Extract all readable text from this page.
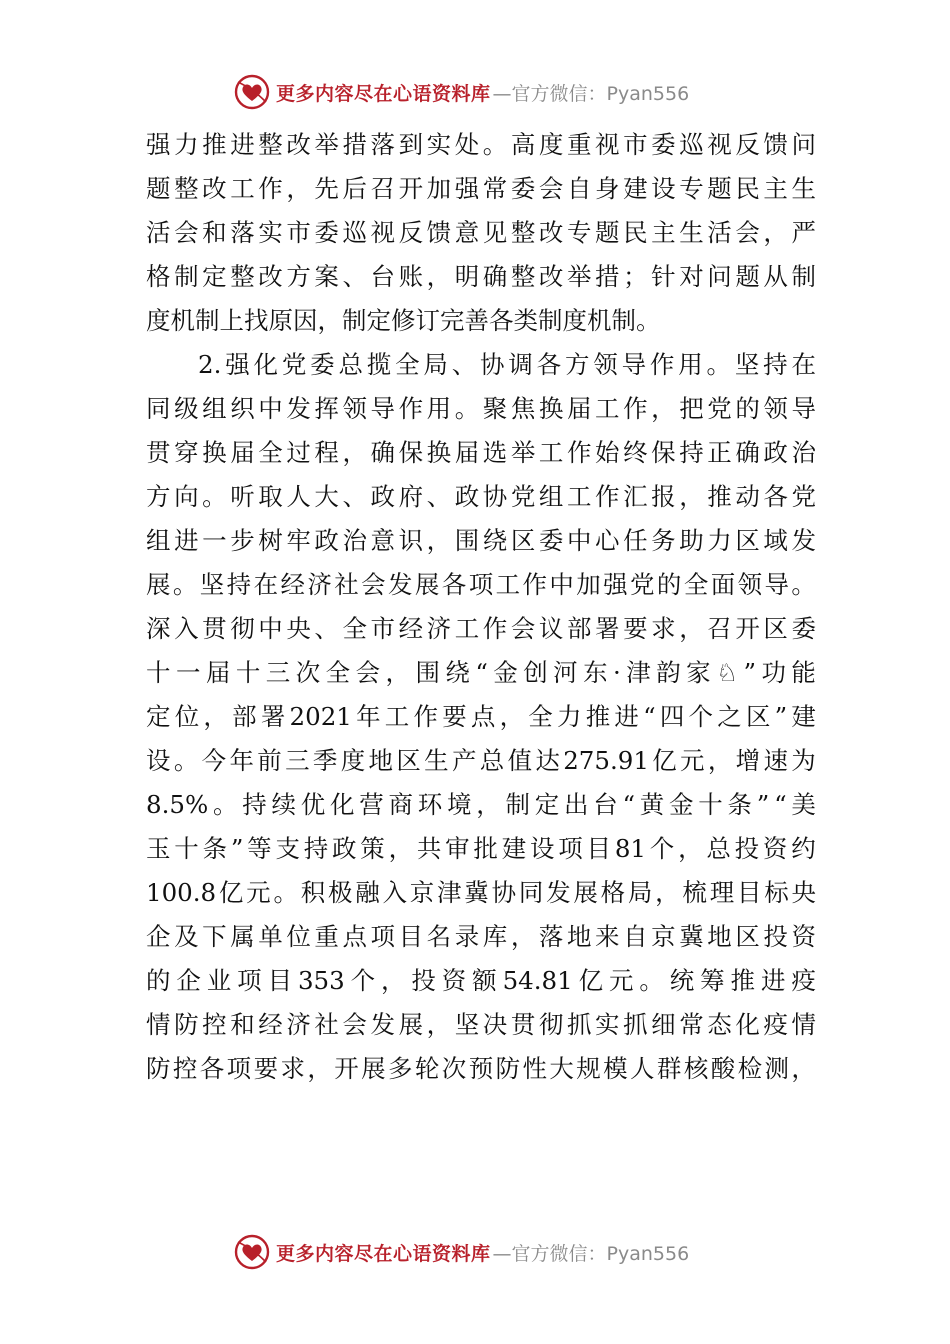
更多内容尽在心语资料库 —官方微信：Pyan556
强 力 推 进 整 改 举 措 落 到 实 处 。 高 度 重 视 市 委 巡 视 反 馈 问
题 整 改 工 作 ， 先 后 召 开 加 强 常 委 会 自 身 建 设 专 题 民 主 生
活 会 和 落 实 市 委 巡 视 反 馈 意 见 整 改 专 题 民 主 生 活 会 ， 严
格 制 定 整 改 方 案 、 台 账 ， 明 确 整 改 举 措 ； 针 对 问 题 从 制
度机制上找原因，制定修订完善各类制度机制。
2. 强 化 党 委 总 揽 全 局 、 协 调 各 方 领 导 作 用 。 坚 持 在
同 级 组 织 中 发 挥 领 导 作 用 。 聚 焦 换 届 工 作 ， 把 党 的 领 导
贯 穿 换 届 全 过 程 ， 确 保 换 届 选 举 工 作 始 终 保 持 正 确 政 治
方 向 。 听 取 人 大 、 政 府 、 政 协 党 组 工 作 汇 报 ， 推 动 各 党
组 进 一 步 树 牢 政 治 意 识 ， 围 绕 区 委 中 心 任 务 助 力 区 域 发
展 。 坚 持 在 经 济 社 会 发 展 各 项 工 作 中 加 强 党 的 全 面 领 导 。
深 入 贯 彻 中 央 、 全 市 经 济 工 作 会 议 部 署 要 求 ， 召 开 区 委
十 一 届 十 三 次 全 会 ， 围 绕 “ 金 创 河 东 · 津 韵 家 ♘ ” 功 能
定 位 ， 部 署 2021 年 工 作 要 点 ， 全 力 推 进 “ 四 个 之 区 ” 建
设 。 今 年 前 三 季 度 地 区 生 产 总 值 达 275.91 亿 元 ， 增 速 为
8.5% 。 持 续 优 化 营 商 环 境 ， 制 定 出 台 “ 黄 金 十 条 ” “ 美
玉 十 条 ” 等 支 持 政 策 ， 共 审 批 建 设 项 目 81 个 ， 总 投 资 约
100.8 亿 元 。 积 极 融 入 京 津 冀 协 同 发 展 格 局 ， 梳 理 目 标 央
企 及 下 属 单 位 重 点 项 目 名 录 库 ， 落 地 来 自 京 冀 地 区 投 资
的 企 业 项 目 353 个 ， 投 资 额 54.81 亿 元 。 统 筹 推 进 疫
情 防 控 和 经 济 社 会 发 展 ， 坚 决 贯 彻 抓 实 抓 细 常 态 化 疫 情
防 控 各 项 要 求 ， 开 展 多 轮 次 预 防 性 大 规 模 人 群 核 酸 检 测 ，
更多内容尽在心语资料库 —官方微信：Pyan556
